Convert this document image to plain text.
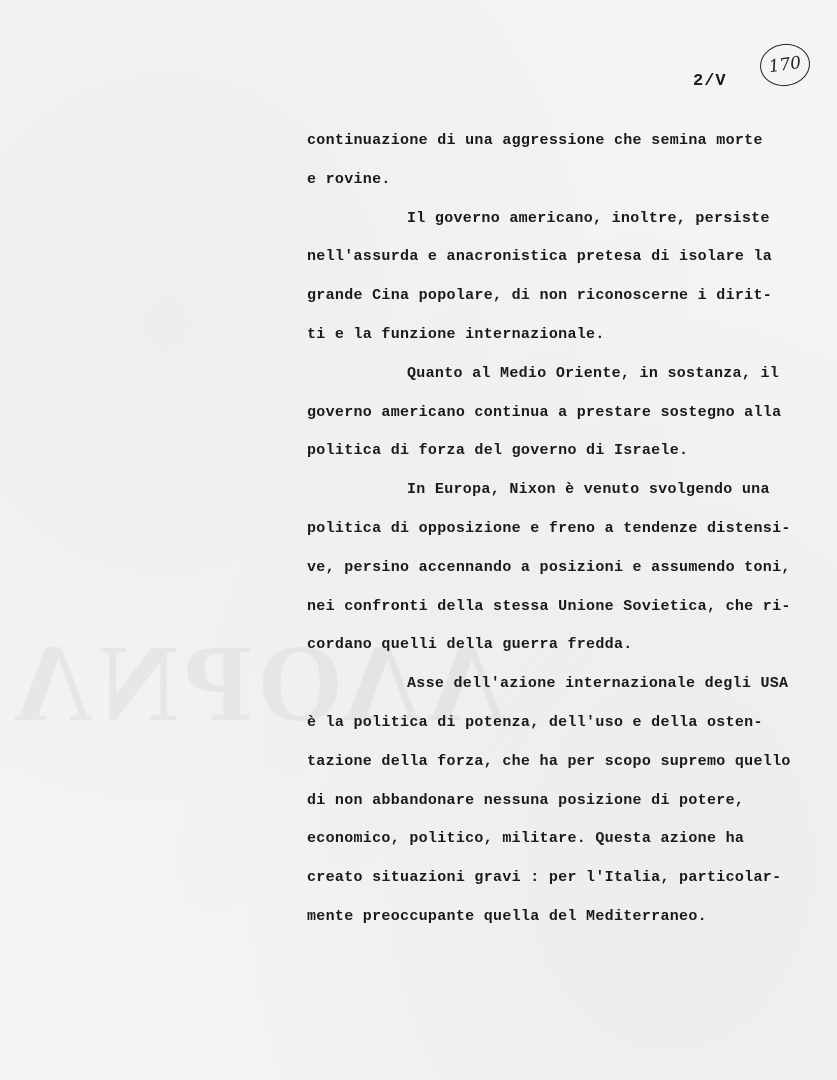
170
2/V
continuazione di una aggressione che semina morte
e rovine.
Il governo americano, inoltre, persiste
nell'assurda e anacronistica pretesa di isolare la
grande Cina popolare, di non riconoscerne i dirit-
ti e la funzione internazionale.
Quanto al Medio Oriente, in sostanza, il
governo americano continua a prestare sostegno alla
politica di forza del governo di Israele.
In Europa, Nixon è venuto svolgendo una
politica di opposizione e freno a tendenze distensi-
ve, persino accennando a posizioni e assumendo toni,
nei confronti della stessa Unione Sovietica, che ri-
cordano quelli della guerra fredda.
Asse dell'azione internazionale degli USA
è la politica di potenza, dell'uso e della osten-
tazione della forza, che ha per scopo supremo quello
di non abbandonare nessuna posizione di potere,
economico, politico, militare. Questa azione ha
creato situazioni gravi : per l'Italia, particolar-
mente preoccupante quella del Mediterraneo.
